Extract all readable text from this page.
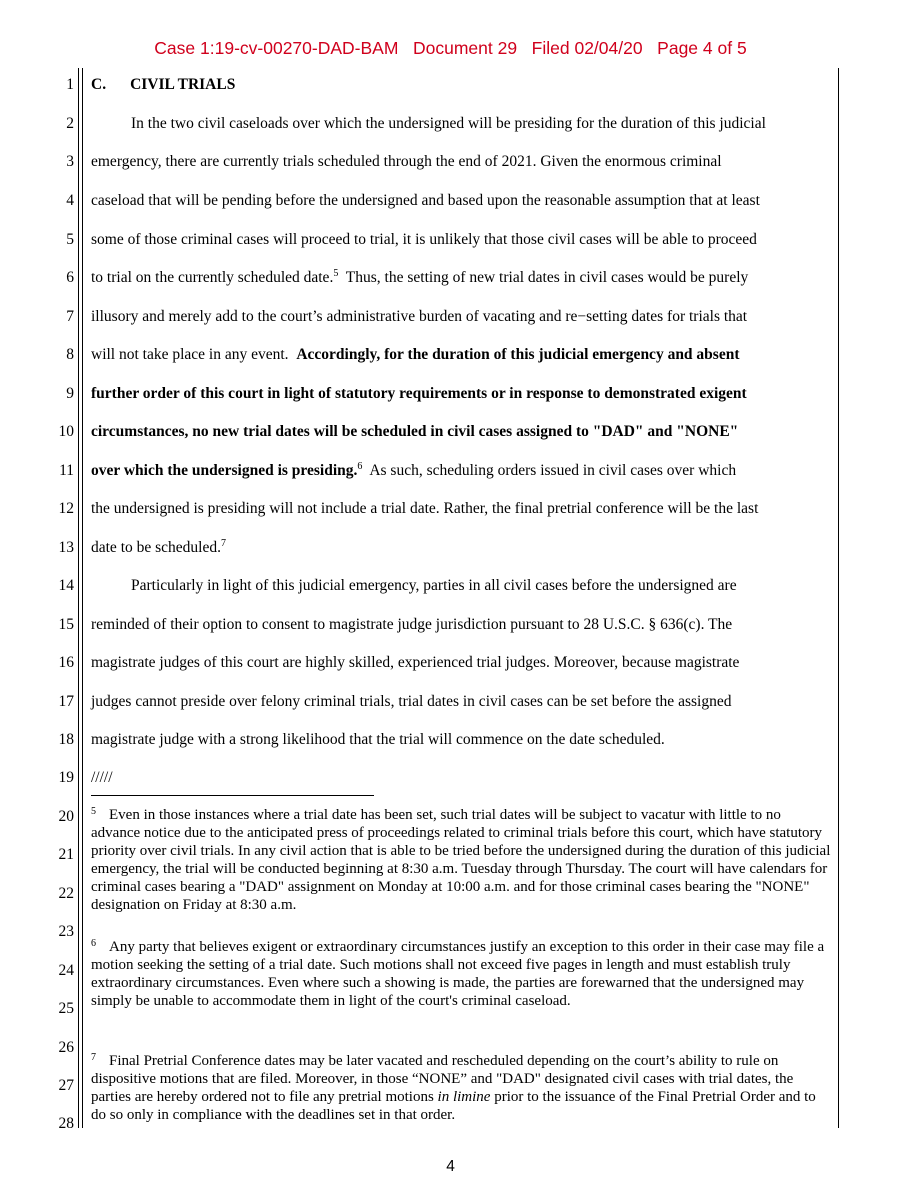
Case 1:19-cv-00270-DAD-BAM   Document 29   Filed 02/04/20   Page 4 of 5
1
2
3
4
5
6
7
8
9
10
11
12
13
14
15
16
17
18
19
20
21
22
23
24
25
26
27
28
C. CIVIL TRIALS
In the two civil caseloads over which the undersigned will be presiding for the duration of this judicial
emergency, there are currently trials scheduled through the end of 2021. Given the enormous criminal
caseload that will be pending before the undersigned and based upon the reasonable assumption that at least
some of those criminal cases will proceed to trial, it is unlikely that those civil cases will be able to proceed
to trial on the currently scheduled date.$^5$  Thus, the setting of new trial dates in civil cases would be purely
illusory and merely add to the court’s administrative burden of vacating and re−setting dates for trials that
will not take place in any event.  Accordingly, for the duration of this judicial emergency and absent
further order of this court in light of statutory requirements or in response to demonstrated exigent
circumstances, no new trial dates will be scheduled in civil cases assigned to "DAD" and "NONE"
over which the undersigned is presiding.$^6$  As such, scheduling orders issued in civil cases over which
the undersigned is presiding will not include a trial date. Rather, the final pretrial conference will be the last
date to be scheduled.$^7$
Particularly in light of this judicial emergency, parties in all civil cases before the undersigned are
reminded of their option to consent to magistrate judge jurisdiction pursuant to 28 U.S.C. § 636(c). The
magistrate judges of this court are highly skilled, experienced trial judges. Moreover, because magistrate
judges cannot preside over felony criminal trials, trial dates in civil cases can be set before the assigned
magistrate judge with a strong likelihood that the trial will commence on the date scheduled.
/////
$^5$ Even in those instances where a trial date has been set, such trial dates will be subject to vacatur with little to no advance notice due to the anticipated press of proceedings related to criminal trials before this court, which have statutory priority over civil trials. In any civil action that is able to be tried before the undersigned during the duration of this judicial emergency, the trial will be conducted beginning at 8:30 a.m. Tuesday through Thursday. The court will have calendars for criminal cases bearing a "DAD" assignment on Monday at 10:00 a.m. and for those criminal cases bearing the "NONE" designation on Friday at 8:30 a.m.
$^6$ Any party that believes exigent or extraordinary circumstances justify an exception to this order in their case may file a motion seeking the setting of a trial date. Such motions shall not exceed five pages in length and must establish truly extraordinary circumstances. Even where such a showing is made, the parties are forewarned that the undersigned may simply be unable to accommodate them in light of the court's criminal caseload.
$^7$ Final Pretrial Conference dates may be later vacated and rescheduled depending on the court’s ability to rule on dispositive motions that are filed. Moreover, in those “NONE” and "DAD" designated civil cases with trial dates, the parties are hereby ordered not to file any pretrial motions in limine prior to the issuance of the Final Pretrial Order and to do so only in compliance with the deadlines set in that order.
4
